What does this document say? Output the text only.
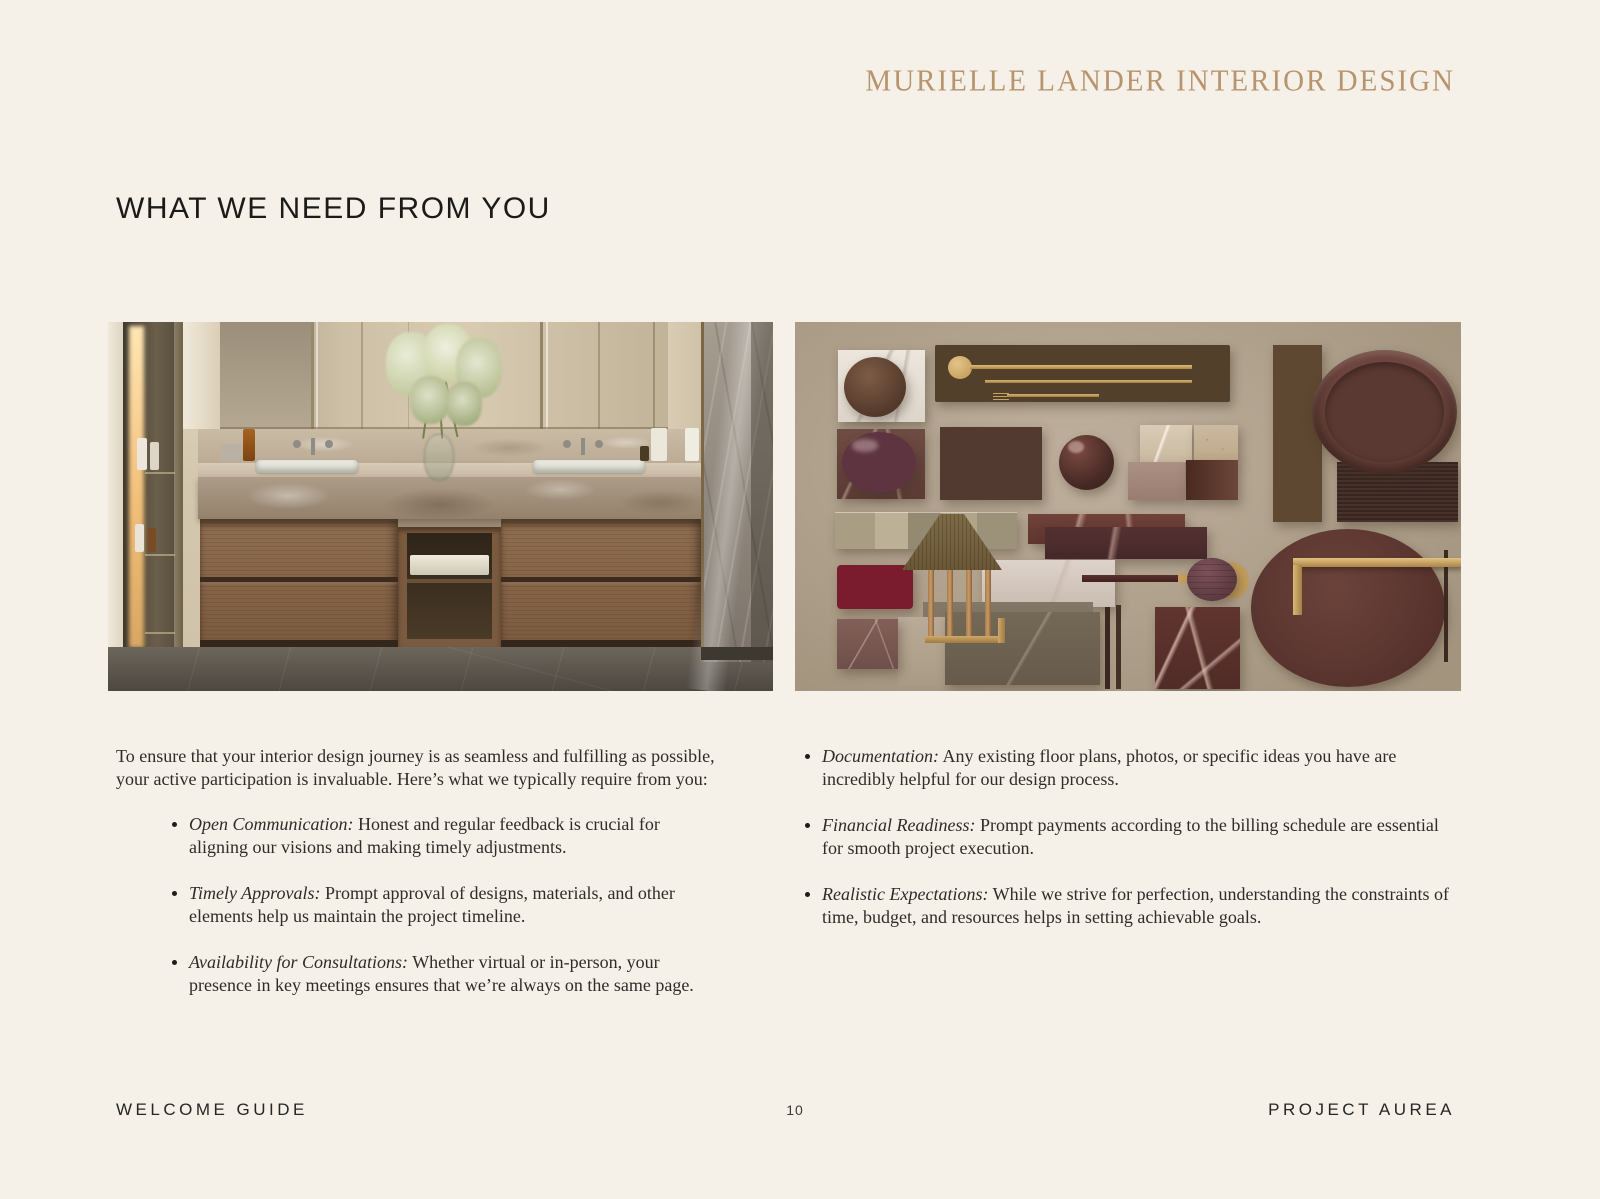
MURIELLE LANDER INTERIOR DESIGN
WHAT WE NEED FROM YOU

To ensure that your interior design journey is as seamless and fulfilling as possible, your active participation is invaluable. Here’s what we typically require from you:

Open Communication: Honest and regular feedback is crucial for aligning our visions and making timely adjustments.
Timely Approvals: Prompt approval of designs, materials, and other elements help us maintain the project timeline.
Availability for Consultations: Whether virtual or in-person, your presence in key meetings ensures that we’re always on the same page.
Documentation: Any existing floor plans, photos, or specific ideas you have are incredibly helpful for our design process.
Financial Readiness: Prompt payments according to the billing schedule are essential for smooth project execution.
Realistic Expectations: While we strive for perfection, understanding the constraints of time, budget, and resources helps in setting achievable goals.
WELCOME GUIDE	10	PROJECT AUREA
